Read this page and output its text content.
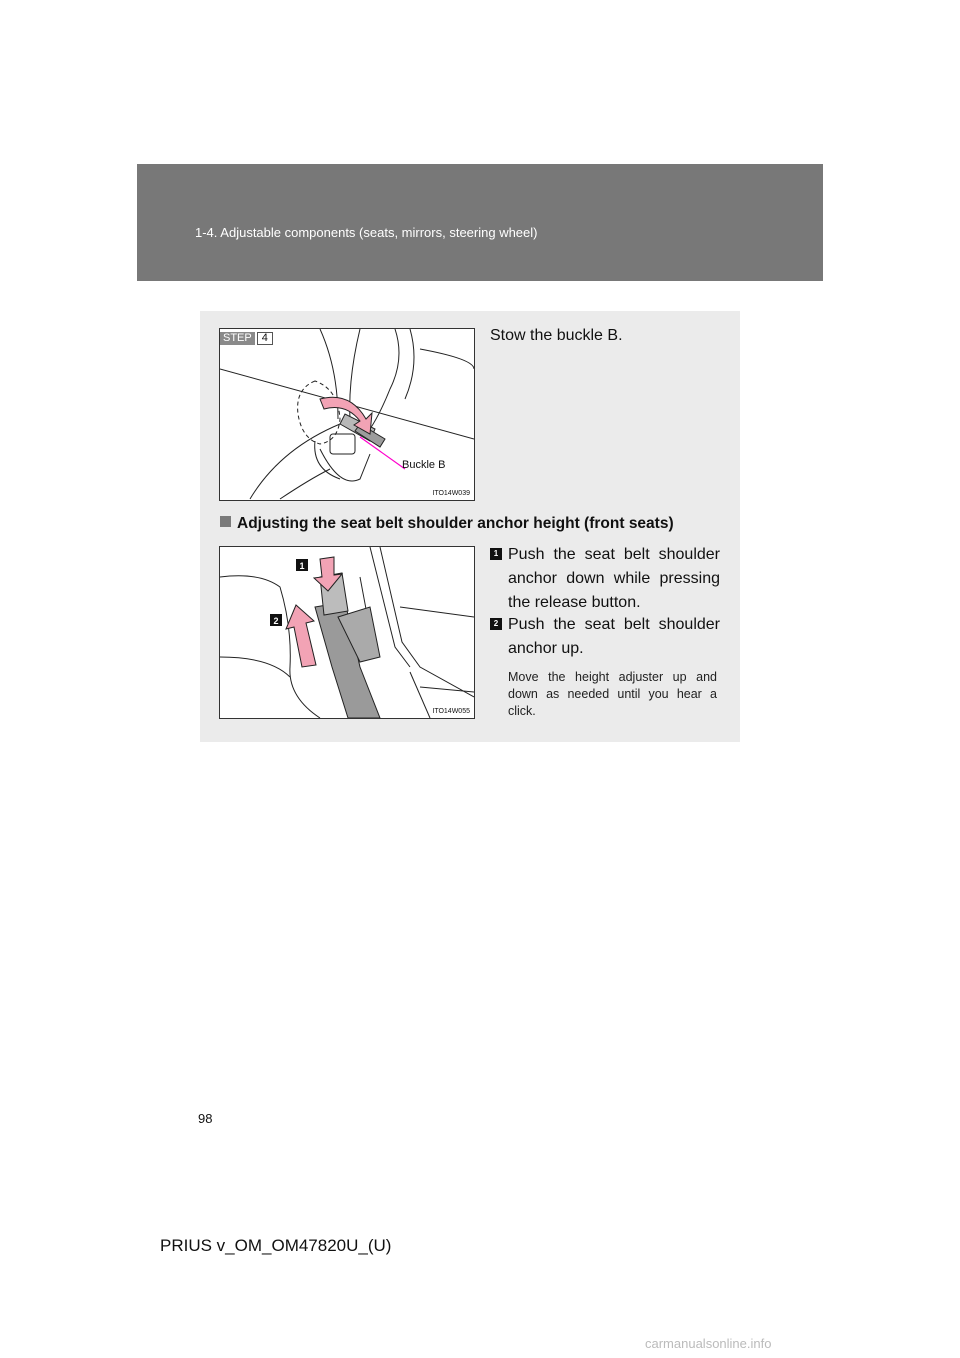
1-4. Adjustable components (seats, mirrors, steering wheel)
STEP 4
Buckle B
ITO14W039
Stow the buckle B.
Adjusting the seat belt shoulder anchor height (front seats)
1
2
ITO14W055
1 Push the seat belt shoulder anchor down while pressing the release button.
2 Push the seat belt shoulder anchor up.
Move the height adjuster up and down as needed until you hear a click.
98
PRIUS v_OM_OM47820U_(U)
carmanualsonline.info
